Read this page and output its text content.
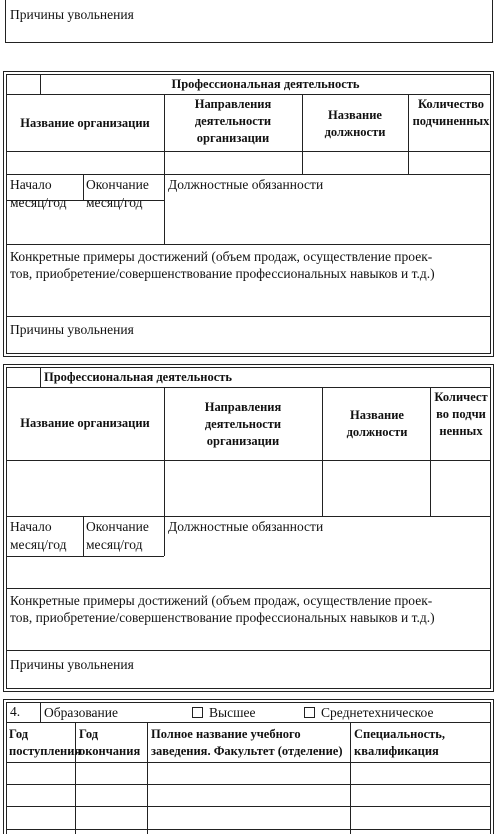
Причины увольнения
Профессиональная деятельность
Название организации
Направления деятельности организации
Название должности
Количество подчиненных
Начало месяц/год
Окончание месяц/год
Должностные обязанности
Конкретные примеры достижений (объем продаж, осуществление проек-
тов, приобретение/совершенствование профессиональных навыков и т.д.)
Причины увольнения
Профессиональная деятельность
Название организации
Направления деятельности организации
Название должности
Количество подчиненных
Начало месяц/год
Окончание месяц/год
Должностные обязанности
Конкретные примеры достижений (объем продаж, осуществление проек-
тов, приобретение/совершенствование профессиональных навыков и т.д.)
Причины увольнения
4. Образование	Высшее	Среднетехническое
Год поступления
Год окончания
Полное название учебного заведения. Факультет (отделение)
Специальность, квалификация
